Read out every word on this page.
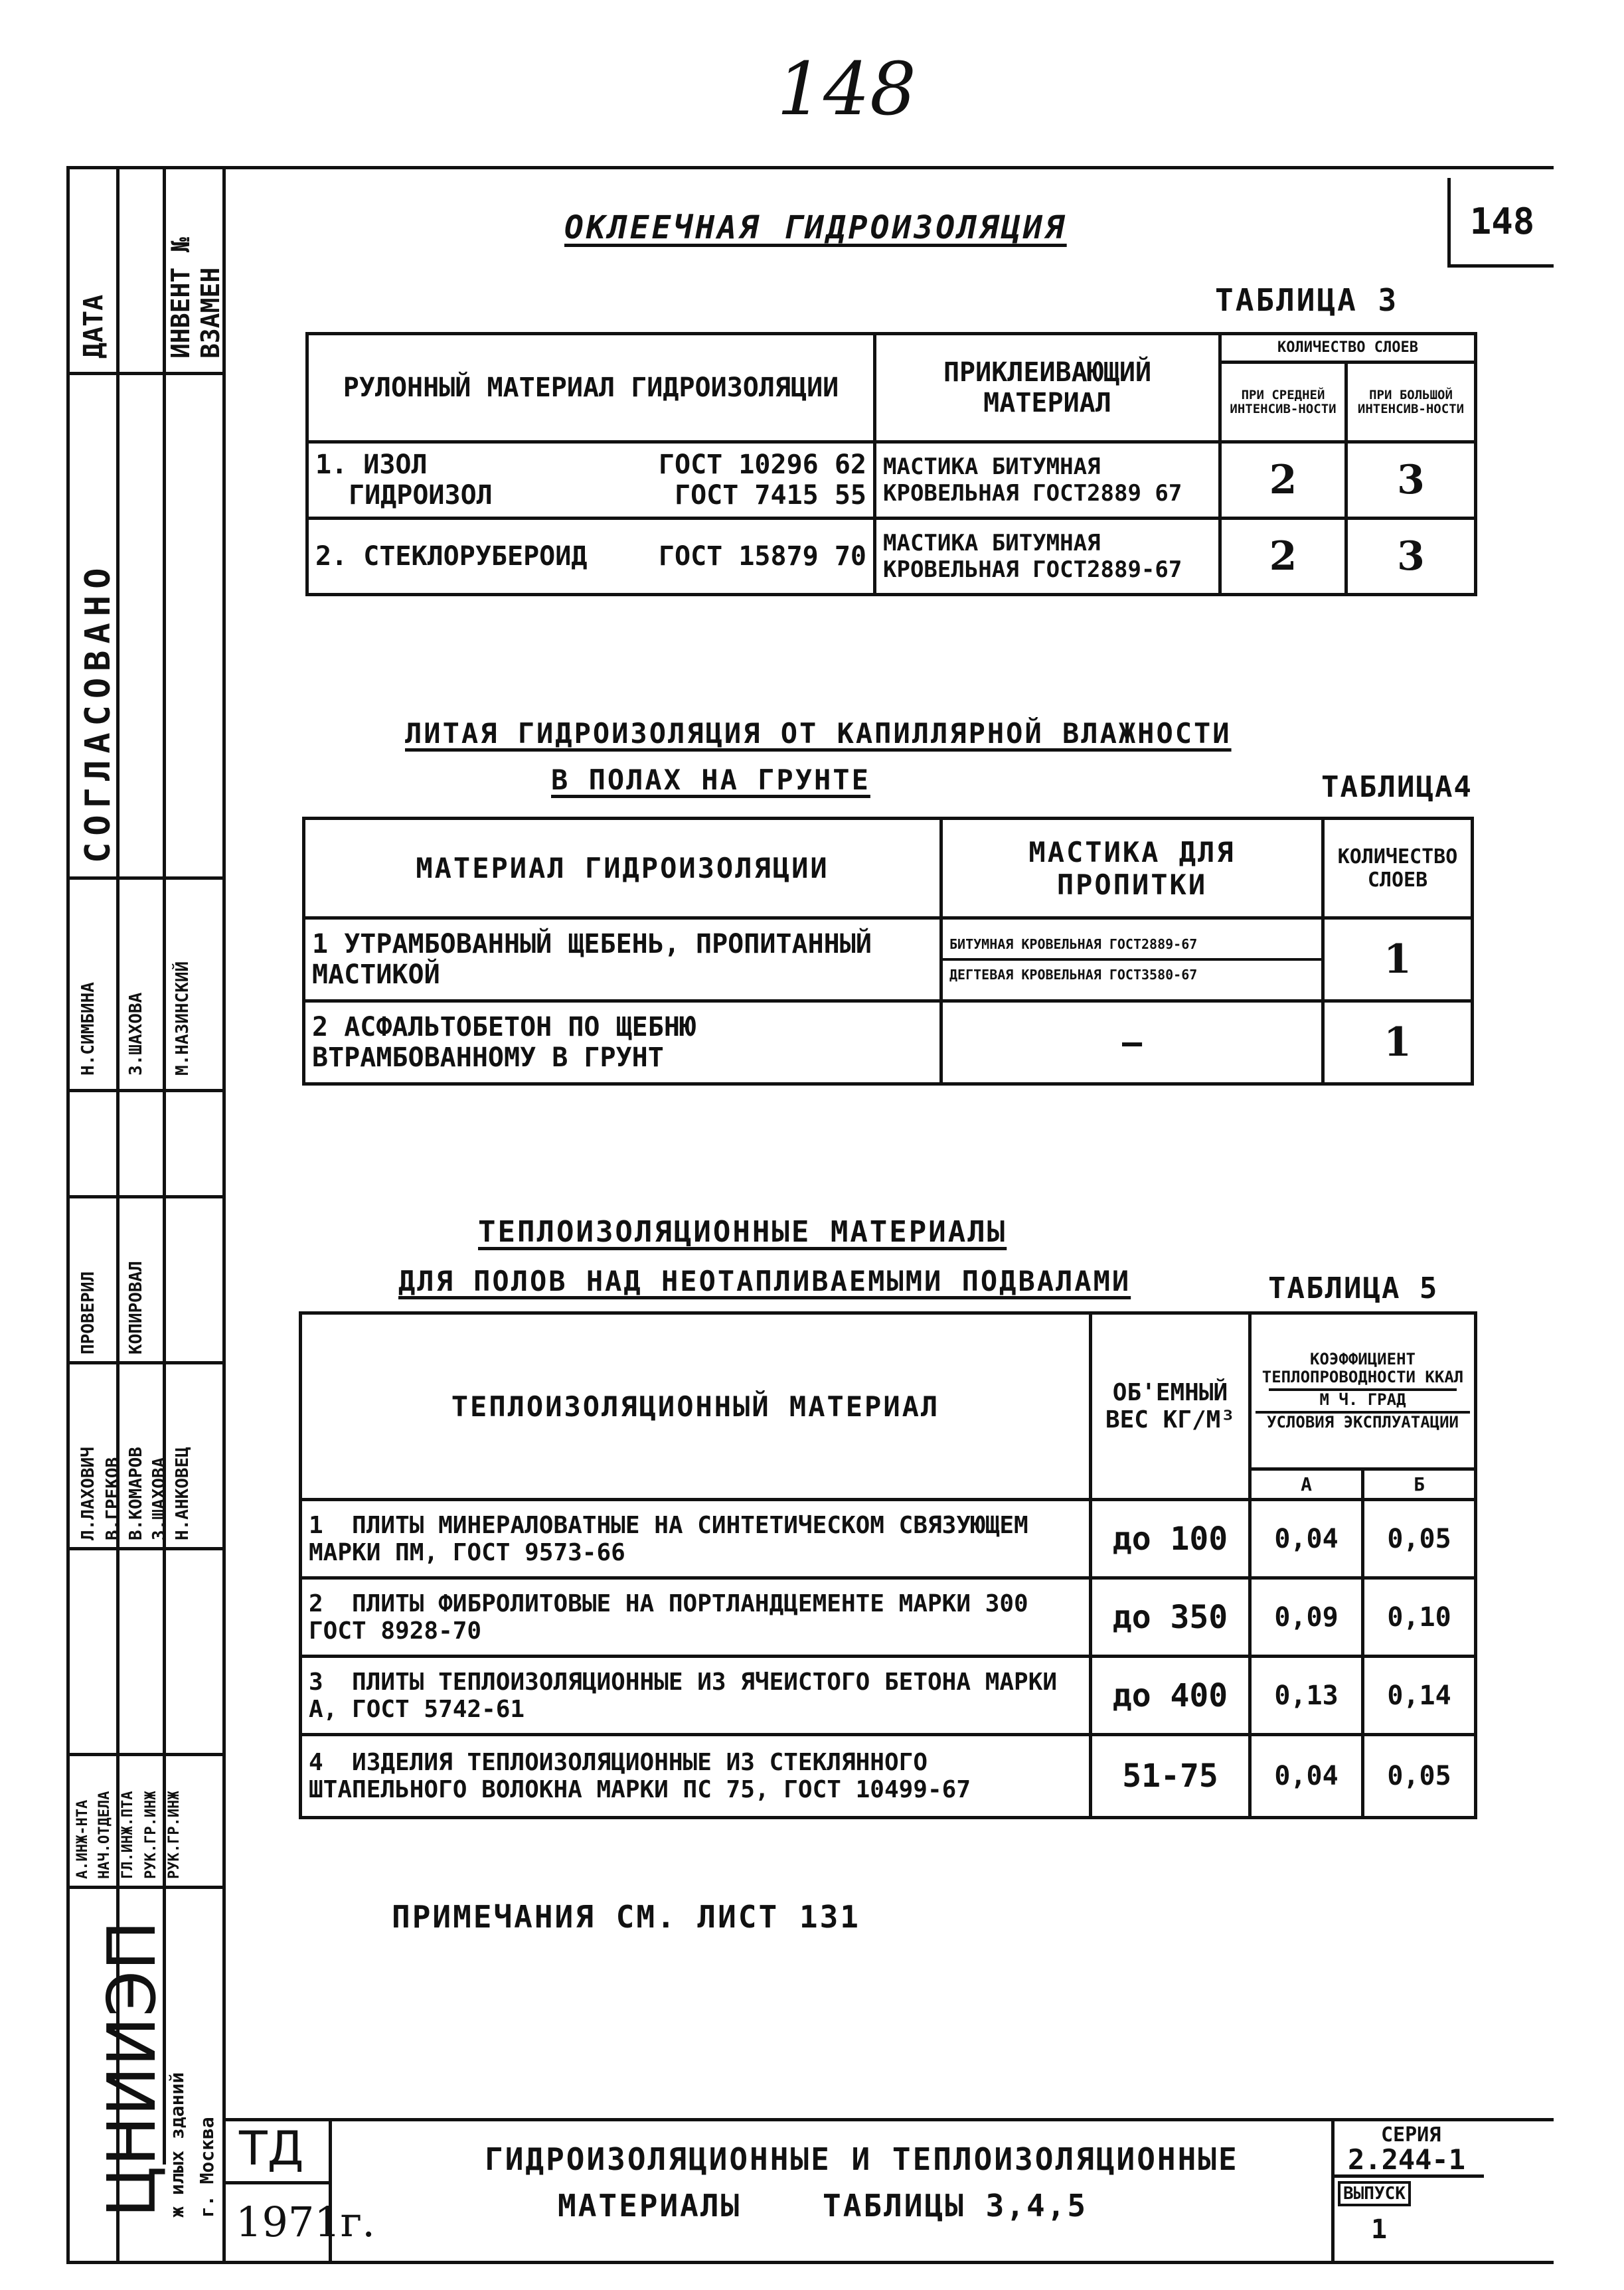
148
148
ДАТА ИНВЕНТ № ВЗАМЕН
СОГЛАСОВАНО
Н.СИМБИНА З.ШАХОВА М.НАЗИНСКИЙ
ПРОВЕРИЛ КОПИРОВАЛ
Л.ЛАХОВИЧ В.ГРЕКОВ В.КОМАРОВ З.ШАХОВА Н.АНКОВЕЦ
А.ИНЖ-НТА НАЧ.ОТДЕЛА ГЛ.ИНЖ.ПТА РУК.ГР.ИНЖ РУК.ГР.ИНЖ
ЦНИИЭП
ж илых зданий г. Москва
ОКЛЕЕЧНАЯ ГИДРОИЗОЛЯЦИЯ
ТАБЛИЦА 3
РУЛОННЫЙ МАТЕРИАЛ ГИДРОИЗОЛЯЦИИ	ПРИКЛЕИВАЮЩИЙ МАТЕРИАЛ	КОЛИЧЕСТВО СЛОЕВ	
		ПРИ СРЕДНЕЙ ИНТЕНСИВ-НОСТИ	ПРИ БОЛЬШОЙ ИНТЕНСИВ-НОСТИ

1. ИЗОЛ ГОСТ 10296 62
ГИДРОИЗОЛ ГОСТ 7415 55	МАСТИКА БИТУМНАЯ КРОВЕЛЬНАЯ ГОСТ2889 67	2	3

2. СТЕКЛОРУБЕРОИД ГОСТ 15879 70	МАСТИКА БИТУМНАЯ КРОВЕЛЬНАЯ ГОСТ2889-67	2	3
ЛИТАЯ ГИДРОИЗОЛЯЦИЯ ОТ КАПИЛЛЯРНОЙ ВЛАЖНОСТИ
В ПОЛАХ НА ГРУНТЕ	ТАБЛИЦА4
МАТЕРИАЛ ГИДРОИЗОЛЯЦИИ	МАСТИКА ДЛЯ ПРОПИТКИ	КОЛИЧЕСТВО СЛОЕВ
1 УТРАМБОВАННЫЙ ЩЕБЕНЬ, ПРОПИТАННЫЙ МАСТИКОЙ	БИТУМНАЯ КРОВЕЛЬНАЯ ГОСТ2889-67
ДЕГТЕВАЯ КРОВЕЛЬНАЯ ГОСТ3580-67	1
2 АСФАЛЬТОБЕТОН ПО ЩЕБНЮ ВТРАМБОВАННОМУ В ГРУНТ	—	1
ТЕПЛОИЗОЛЯЦИОННЫЕ МАТЕРИАЛЫ
ДЛЯ ПОЛОВ НАД НЕОТАПЛИВАЕМЫМИ ПОДВАЛАМИ	ТАБЛИЦА 5
ТЕПЛОИЗОЛЯЦИОННЫЙ МАТЕРИАЛ	ОБ'ЕМНЫЙ ВЕС КГ/М³	КОЭФФИЦИЕНТ ТЕПЛОПРОВОДНОСТИ ККАЛ
М Ч. ГРАД
УСЛОВИЯ ЭКСПЛУАТАЦИИ	

		А	Б
1 ПЛИТЫ МИНЕРАЛОВАТНЫЕ НА СИНТЕТИЧЕСКОМ СВЯЗУЮЩЕМ МАРКИ ПМ, ГОСТ 9573-66	до 100	0,04	0,05
2 ПЛИТЫ ФИБРОЛИТОВЫЕ НА ПОРТЛАНДЦЕМЕНТЕ МАРКИ 300 ГОСТ 8928-70	до 350	0,09	0,10
3 ПЛИТЫ ТЕПЛОИЗОЛЯЦИОННЫЕ ИЗ ЯЧЕИСТОГО БЕТОНА МАРКИ А, ГОСТ 5742-61	до 400	0,13	0,14
4 ИЗДЕЛИЯ ТЕПЛОИЗОЛЯЦИОННЫЕ ИЗ СТЕКЛЯННОГО ШТАПЕЛЬНОГО ВОЛОКНА МАРКИ ПС 75, ГОСТ 10499-67	51-75	0,04	0,05
ПРИМЕЧАНИЯ СМ. ЛИСТ 131
ТД
1971г.
ГИДРОИЗОЛЯЦИОННЫЕ И ТЕПЛОИЗОЛЯЦИОННЫЕ
МАТЕРИАЛЫ    ТАБЛИЦЫ 3,4,5
СЕРИЯ
2.244-1
ВЫПУСК
1
